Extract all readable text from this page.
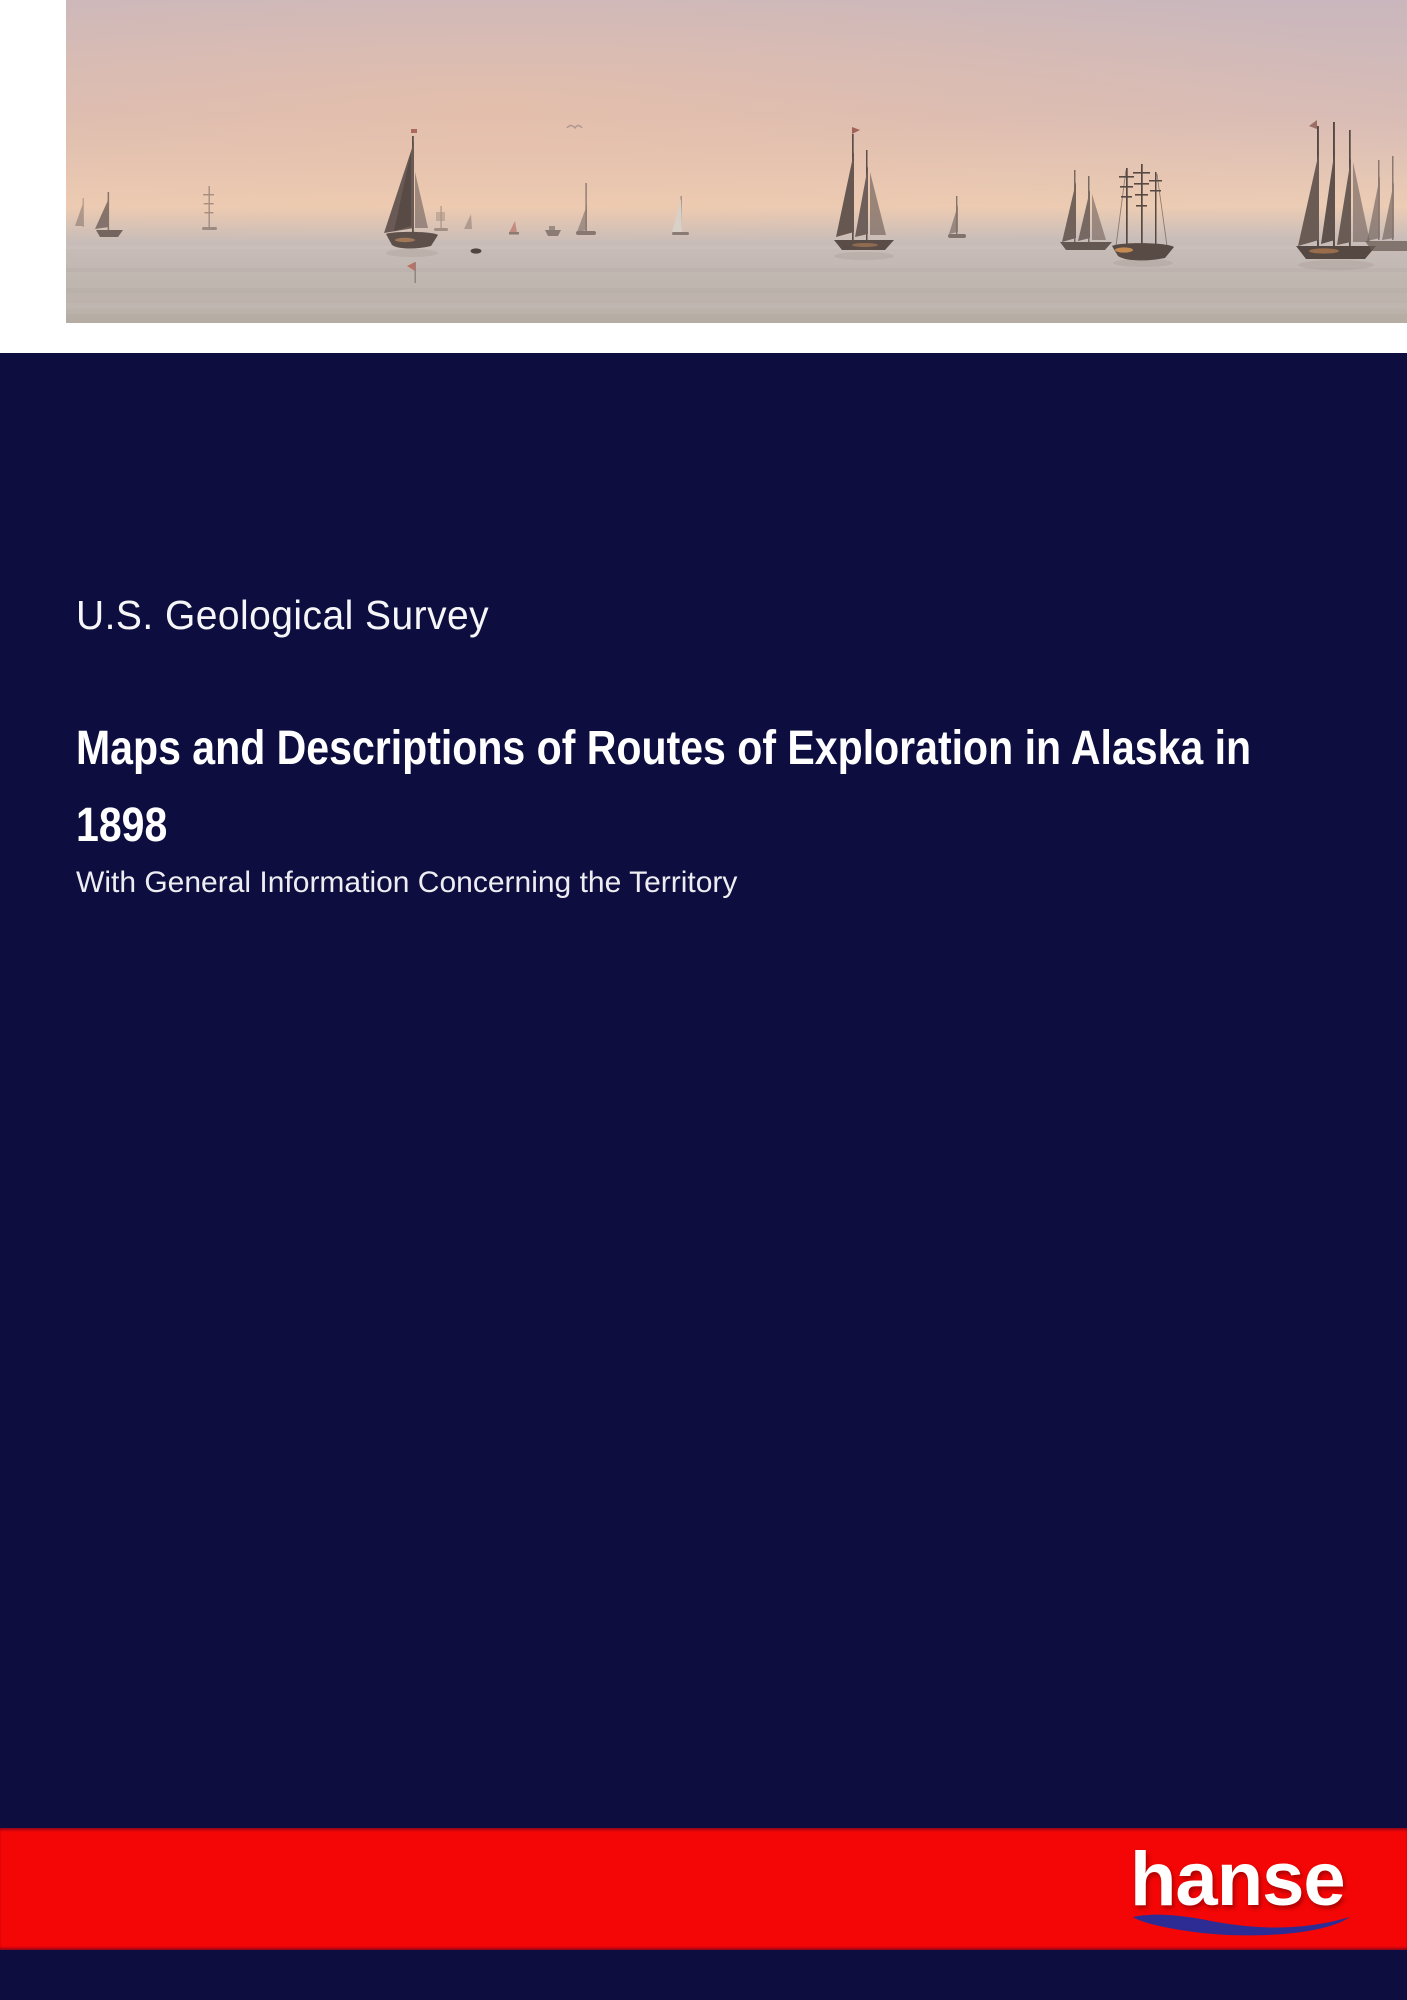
U.S. Geological Survey
Maps and Descriptions of Routes of Exploration in Alaska in
1898
With General Information Concerning the Territory
hanse
